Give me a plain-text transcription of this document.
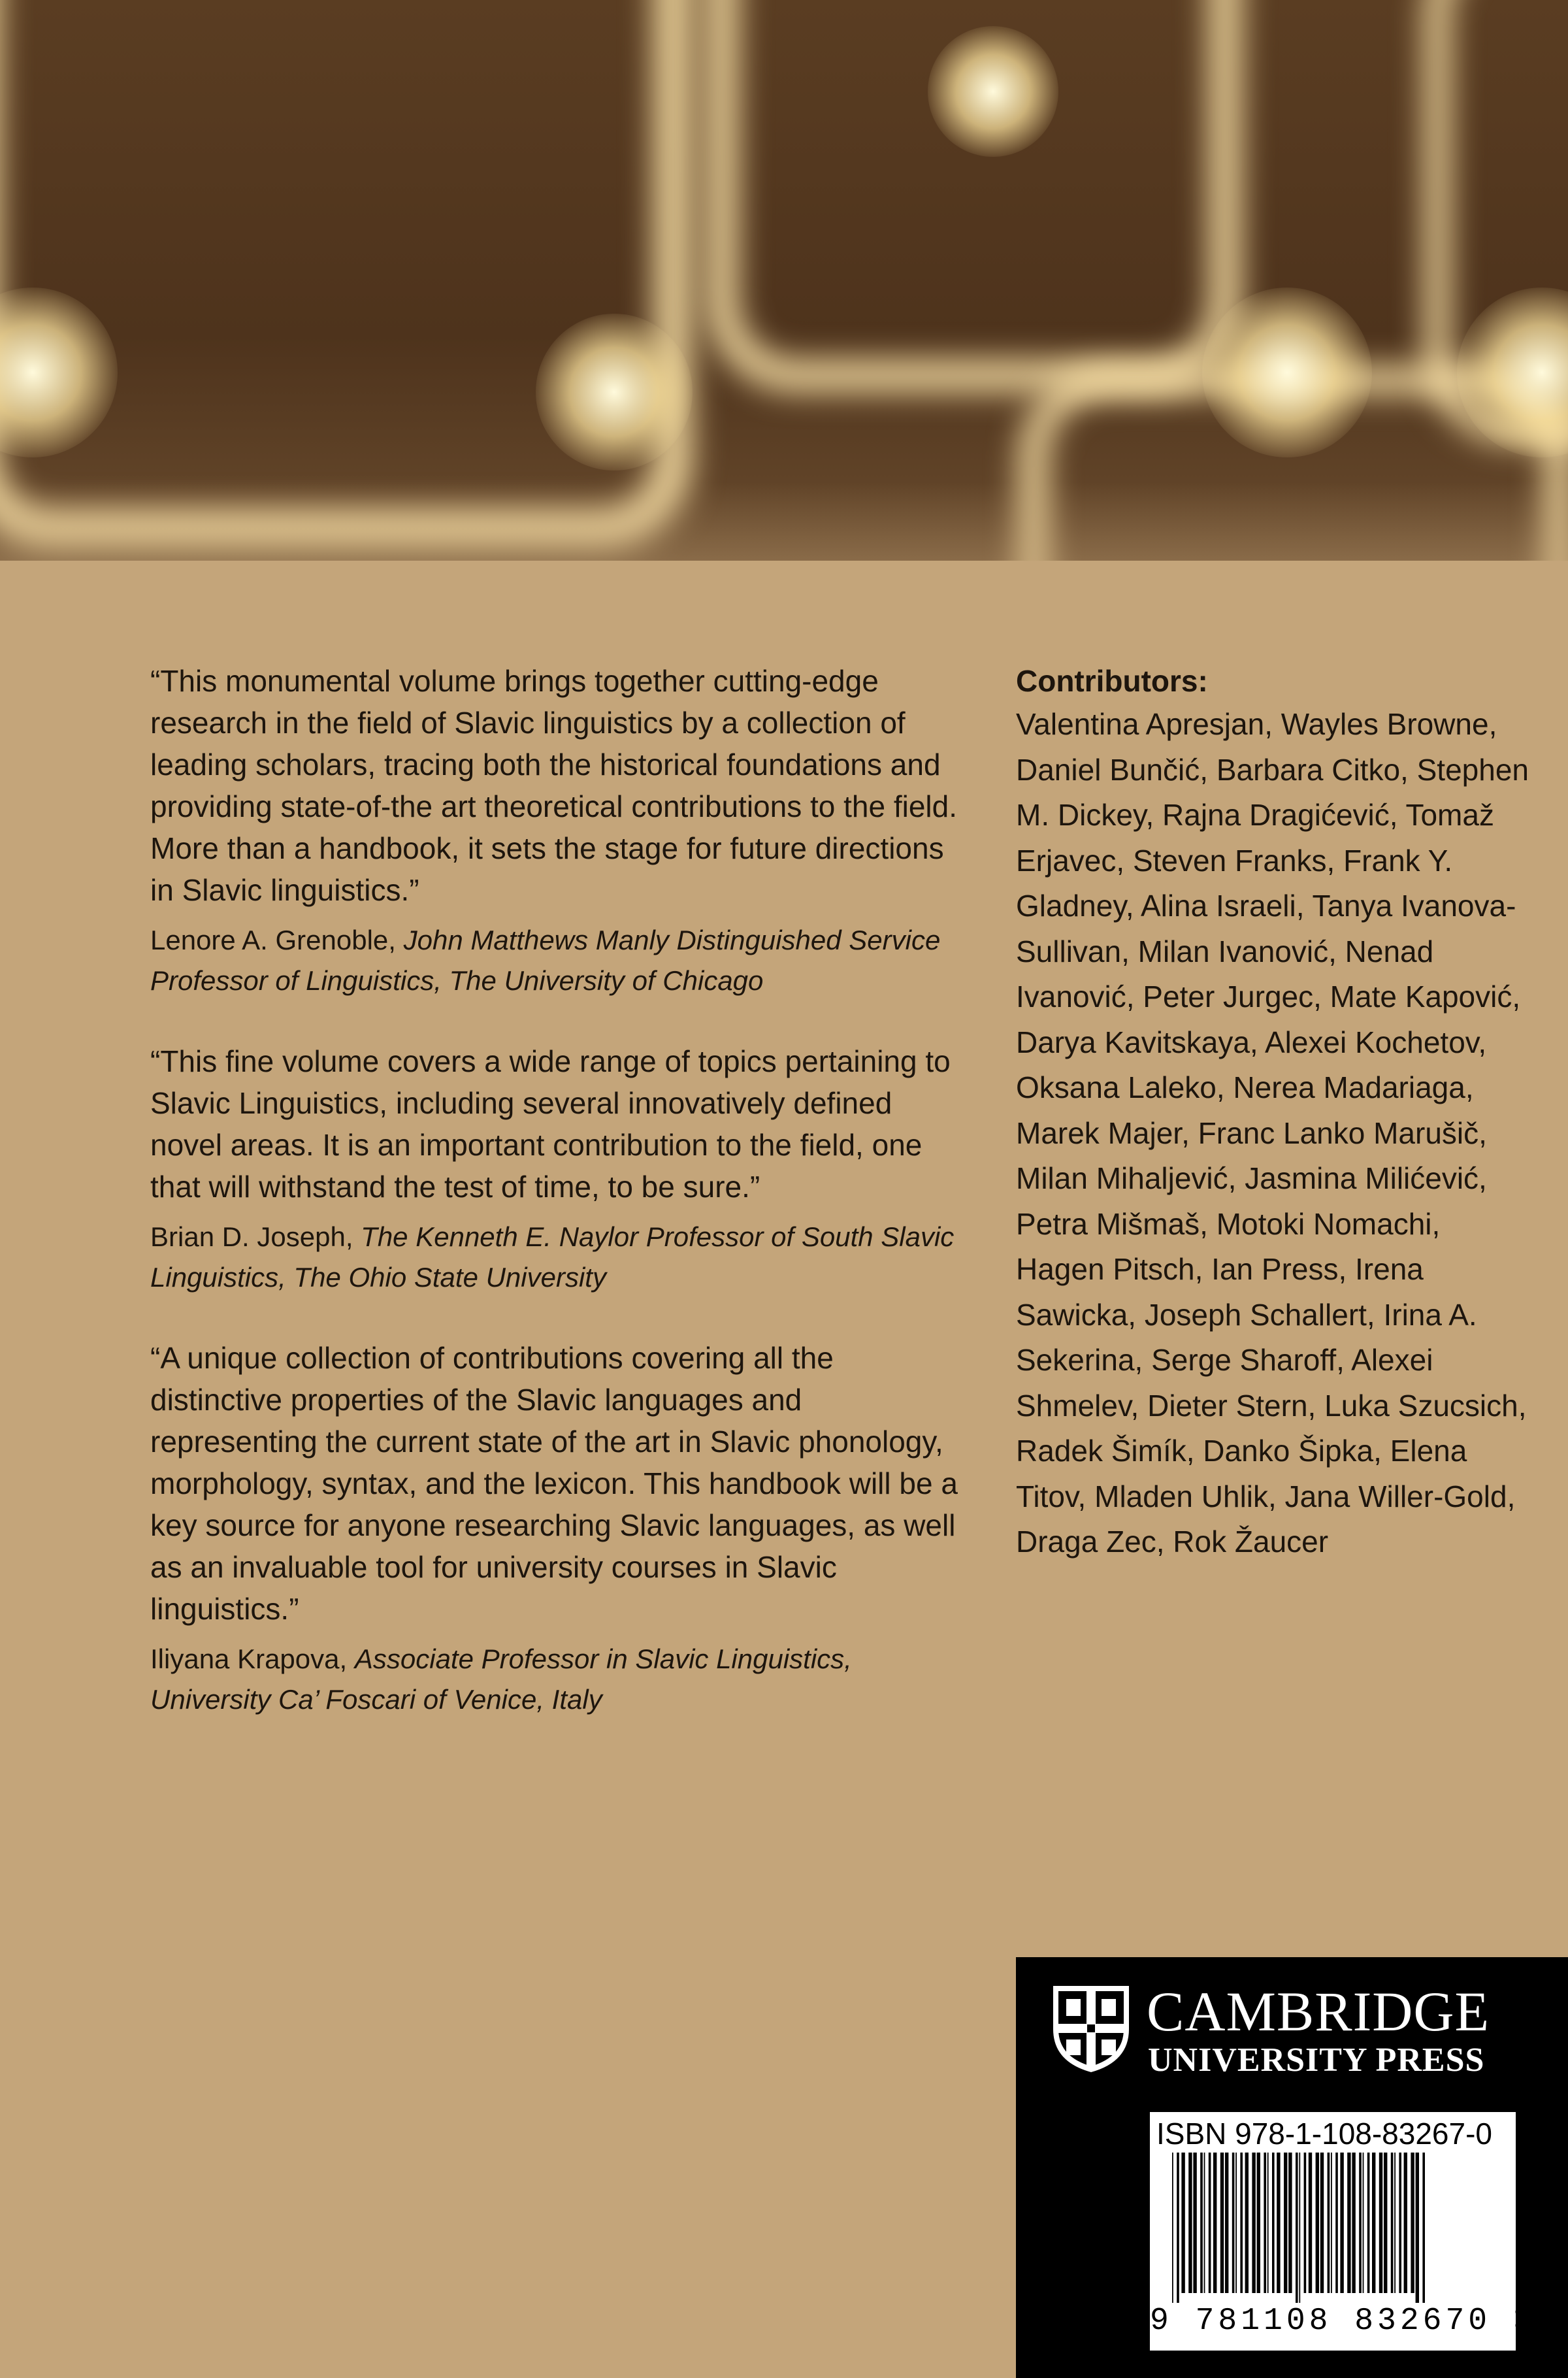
“This monumental volume brings together cutting-edge research in the field of Slavic linguistics by a collection of leading scholars, tracing both the historical foundations and providing state-of-the art theoretical contributions to the field. More than a handbook, it sets the stage for future directions in Slavic linguistics.”

Lenore A. Grenoble, John Matthews Manly Distinguished Service Professor of Linguistics, The University of Chicago

“This fine volume covers a wide range of topics pertaining to Slavic Linguistics, including several innovatively defined novel areas. It is an important contribution to the field, one that will withstand the test of time, to be sure.”

Brian D. Joseph, The Kenneth E. Naylor Professor of South Slavic Linguistics, The Ohio State University

“A unique collection of contributions covering all the distinctive properties of the Slavic languages and representing the current state of the art in Slavic phonology, morphology, syntax, and the lexicon. This handbook will be a key source for anyone researching Slavic languages, as well as an invaluable tool for university courses in Slavic linguistics.”

Iliyana Krapova, Associate Professor in Slavic Linguistics, University Ca’ Foscari of Venice, Italy

Contributors:

Valentina Apresjan, Wayles Browne, Daniel Bunčić, Barbara Citko, Stephen M. Dickey, Rajna Dragićević, Tomaž Erjavec, Steven Franks, Frank Y. Gladney, Alina Israeli, Tanya Ivanova-Sullivan, Milan Ivanović, Nenad Ivanović, Peter Jurgec, Mate Kapović, Darya Kavitskaya, Alexei Kochetov, Oksana Laleko, Nerea Madariaga, Marek Majer, Franc Lanko Marušič, Milan Mihaljević, Jasmina Milićević, Petra Mišmaš, Motoki Nomachi, Hagen Pitsch, Ian Press, Irena Sawicka, Joseph Schallert, Irina A. Sekerina, Serge Sharoff, Alexei Shmelev, Dieter Stern, Luka Szucsich, Radek Šimík, Danko Šipka, Elena Titov, Mladen Uhlik, Jana Willer-Gold, Draga Zec, Rok Žaucer

CAMBRIDGE
UNIVERSITY PRESS
ISBN 978-1-108-83267-0
9 781108 832670 >
